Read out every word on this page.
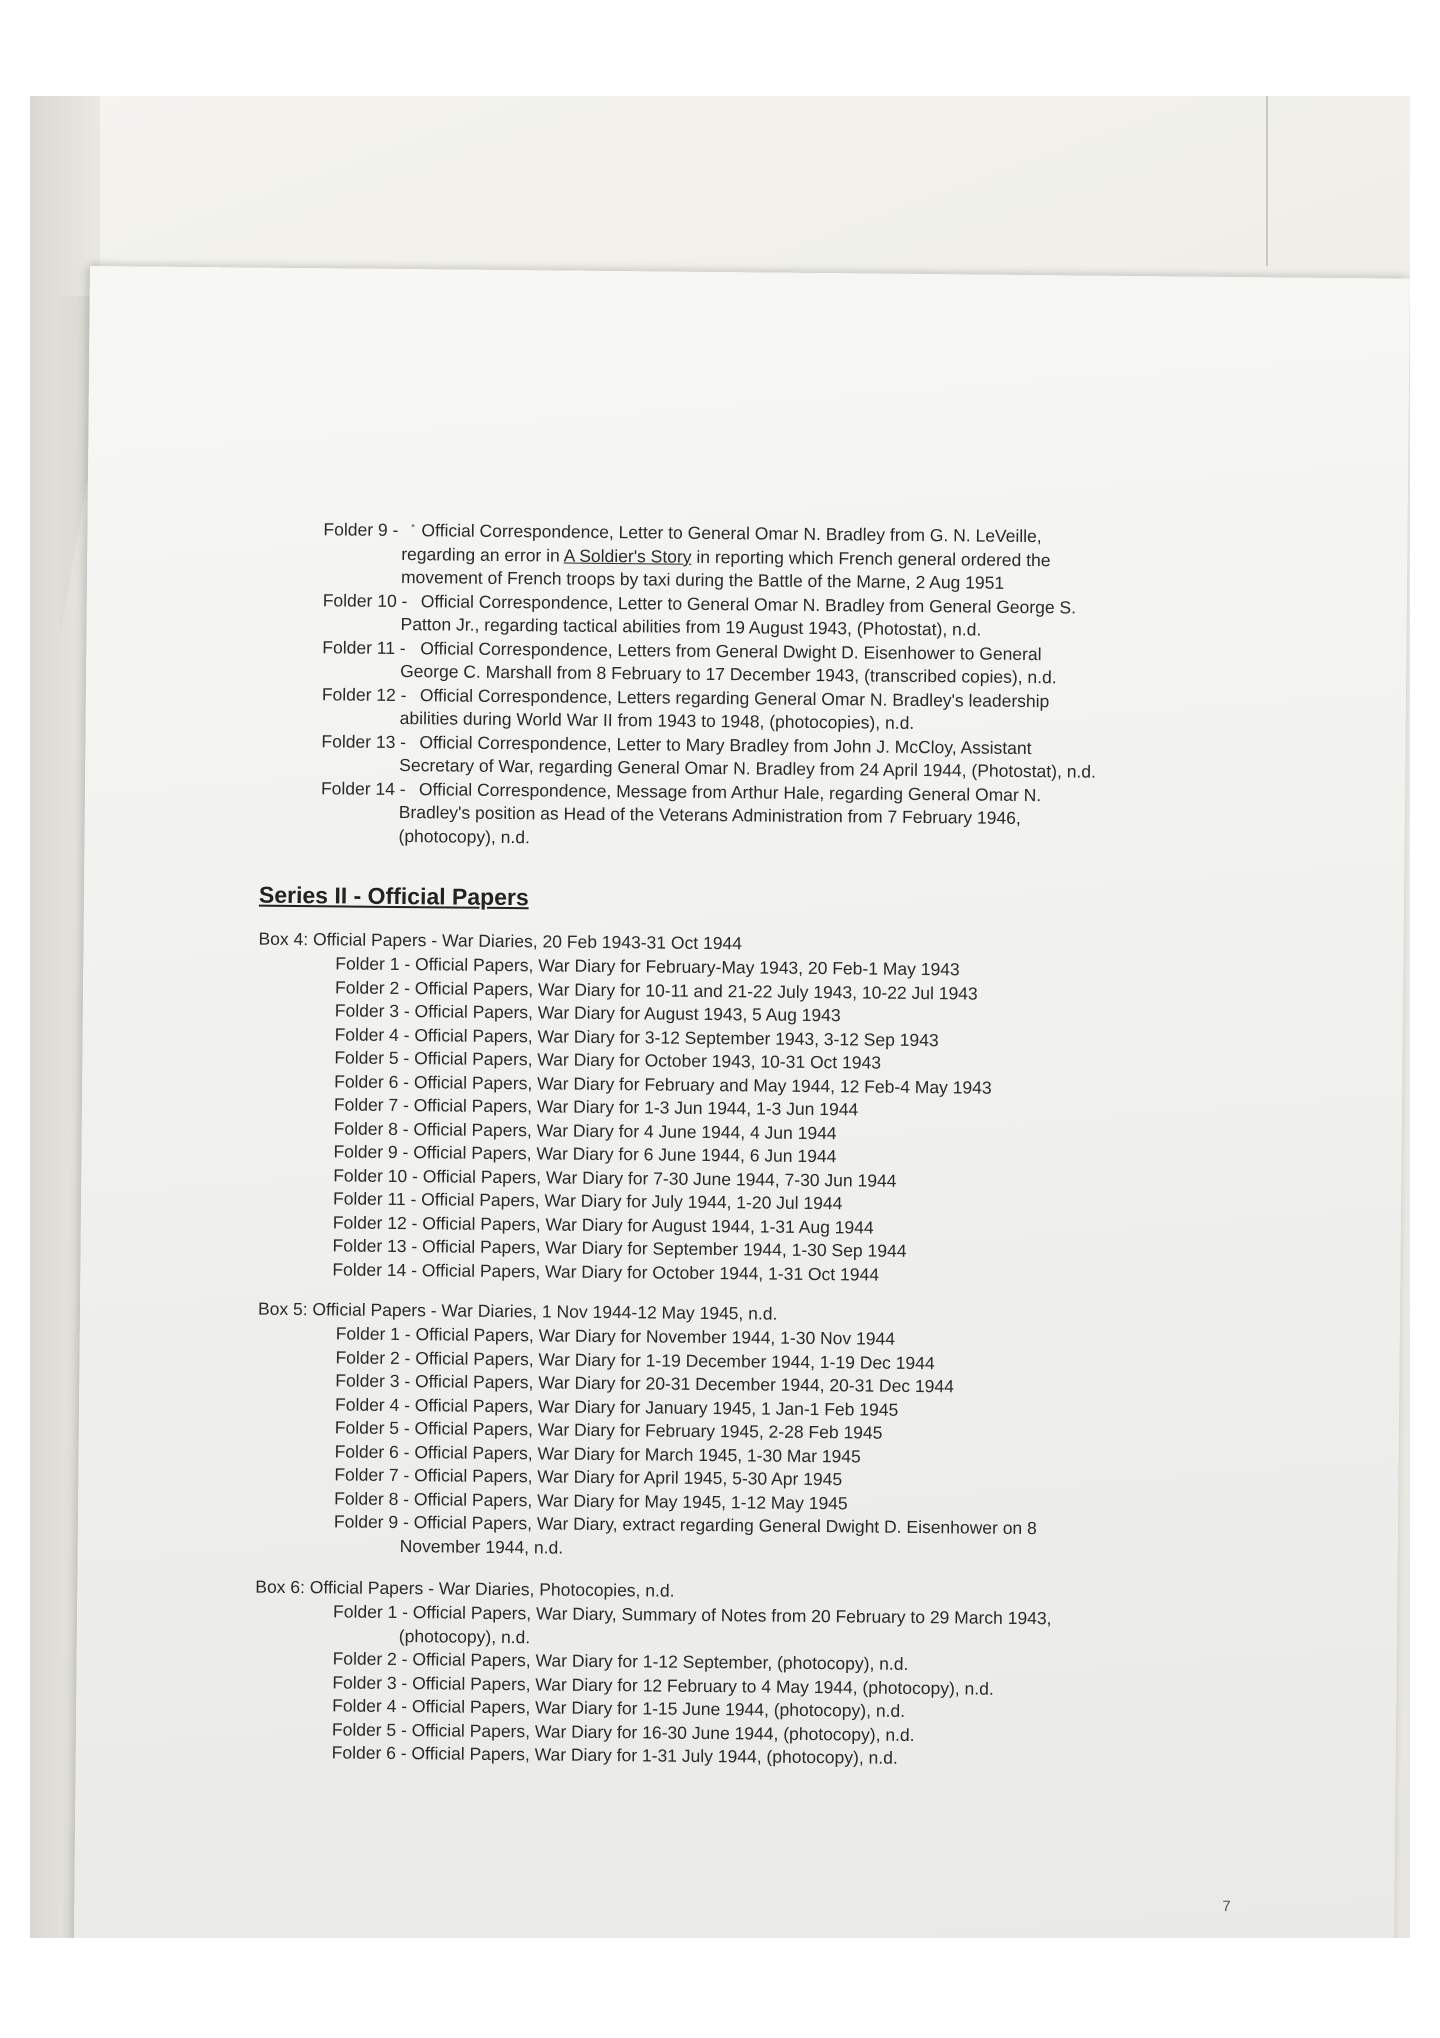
Folder 9 - Official Correspondence, Letter to General Omar N. Bradley from G. N. LeVeille,
regarding an error in A Soldier's Story in reporting which French general ordered the
movement of French troops by taxi during the Battle of the Marne, 2 Aug 1951
Folder 10 - Official Correspondence, Letter to General Omar N. Bradley from General George S.
Patton Jr., regarding tactical abilities from 19 August 1943, (Photostat), n.d.
Folder 11 - Official Correspondence, Letters from General Dwight D. Eisenhower to General
George C. Marshall from 8 February to 17 December 1943, (transcribed copies), n.d.
Folder 12 - Official Correspondence, Letters regarding General Omar N. Bradley's leadership
abilities during World War II from 1943 to 1948, (photocopies), n.d.
Folder 13 - Official Correspondence, Letter to Mary Bradley from John J. McCloy, Assistant
Secretary of War, regarding General Omar N. Bradley from 24 April 1944, (Photostat), n.d.
Folder 14 - Official Correspondence, Message from Arthur Hale, regarding General Omar N.
Bradley's position as Head of the Veterans Administration from 7 February 1946,
(photocopy), n.d.
Series II - Official Papers
Box 4: Official Papers - War Diaries, 20 Feb 1943-31 Oct 1944
Folder 1 - Official Papers, War Diary for February-May 1943, 20 Feb-1 May 1943
Folder 2 - Official Papers, War Diary for 10-11 and 21-22 July 1943, 10-22 Jul 1943
Folder 3 - Official Papers, War Diary for August 1943, 5 Aug 1943
Folder 4 - Official Papers, War Diary for 3-12 September 1943, 3-12 Sep 1943
Folder 5 - Official Papers, War Diary for October 1943, 10-31 Oct 1943
Folder 6 - Official Papers, War Diary for February and May 1944, 12 Feb-4 May 1943
Folder 7 - Official Papers, War Diary for 1-3 Jun 1944, 1-3 Jun 1944
Folder 8 - Official Papers, War Diary for 4 June 1944, 4 Jun 1944
Folder 9 - Official Papers, War Diary for 6 June 1944, 6 Jun 1944
Folder 10 - Official Papers, War Diary for 7-30 June 1944, 7-30 Jun 1944
Folder 11 - Official Papers, War Diary for July 1944, 1-20 Jul 1944
Folder 12 - Official Papers, War Diary for August 1944, 1-31 Aug 1944
Folder 13 - Official Papers, War Diary for September 1944, 1-30 Sep 1944
Folder 14 - Official Papers, War Diary for October 1944, 1-31 Oct 1944
Box 5: Official Papers - War Diaries, 1 Nov 1944-12 May 1945, n.d.
Folder 1 - Official Papers, War Diary for November 1944, 1-30 Nov 1944
Folder 2 - Official Papers, War Diary for 1-19 December 1944, 1-19 Dec 1944
Folder 3 - Official Papers, War Diary for 20-31 December 1944, 20-31 Dec 1944
Folder 4 - Official Papers, War Diary for January 1945, 1 Jan-1 Feb 1945
Folder 5 - Official Papers, War Diary for February 1945, 2-28 Feb 1945
Folder 6 - Official Papers, War Diary for March 1945, 1-30 Mar 1945
Folder 7 - Official Papers, War Diary for April 1945, 5-30 Apr 1945
Folder 8 - Official Papers, War Diary for May 1945, 1-12 May 1945
Folder 9 - Official Papers, War Diary, extract regarding General Dwight D. Eisenhower on 8
November 1944, n.d.
Box 6: Official Papers - War Diaries, Photocopies, n.d.
Folder 1 - Official Papers, War Diary, Summary of Notes from 20 February to 29 March 1943,
(photocopy), n.d.
Folder 2 - Official Papers, War Diary for 1-12 September, (photocopy), n.d.
Folder 3 - Official Papers, War Diary for 12 February to 4 May 1944, (photocopy), n.d.
Folder 4 - Official Papers, War Diary for 1-15 June 1944, (photocopy), n.d.
Folder 5 - Official Papers, War Diary for 16-30 June 1944, (photocopy), n.d.
Folder 6 - Official Papers, War Diary for 1-31 July 1944, (photocopy), n.d.
7
